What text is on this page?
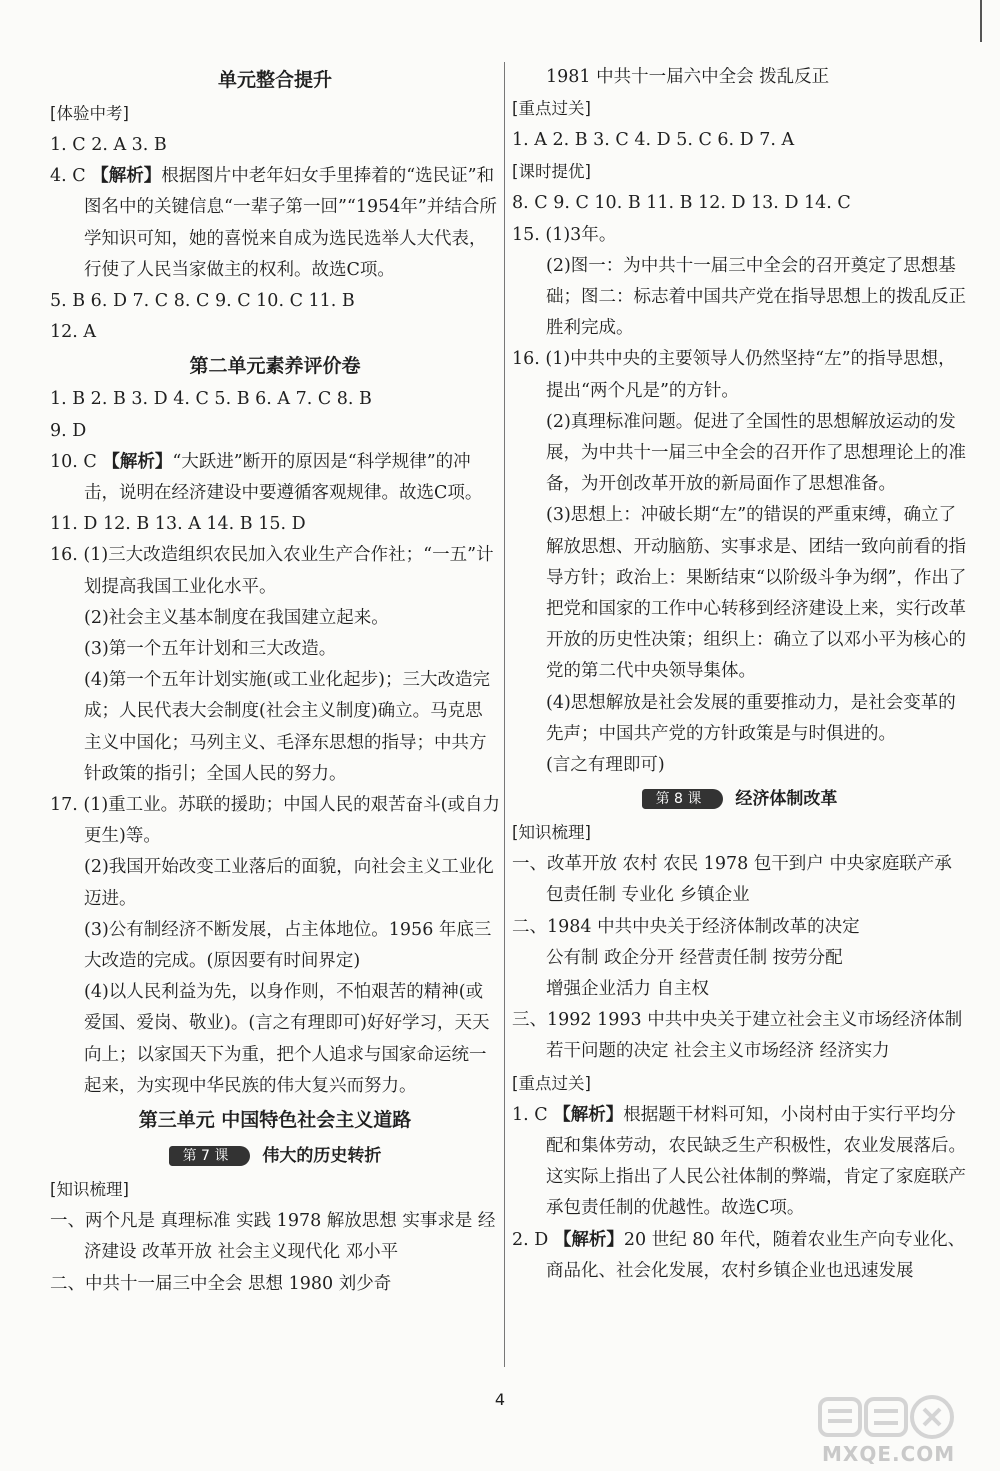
单元整合提升
[ 体验中考 ]
1. C 2. A 3. B
4. C 【解析】根据图片中老年妇女手里捧着的“选民证”和图名中的关键信息“一辈子第一回”“1954年”并结合所学知识可知，她的喜悦来自成为选民选举人大代表，行使了人民当家做主的权利。故选C项。
5. B 6. D 7. C 8. C 9. C 10. C 11. B
12. A
第二单元素养评价卷
1. B 2. B 3. D 4. C 5. B 6. A 7. C 8. B
9. D
10. C 【解析】“大跃进”断开的原因是“科学规律”的冲击，说明在经济建设中要遵循客观规律。故选C项。
11. D 12. B 13. A 14. B 15. D
16. (1)三大改造组织农民加入农业生产合作社；“一五”计划提高我国工业化水平。
(2)社会主义基本制度在我国建立起来。
(3)第一个五年计划和三大改造。
(4)第一个五年计划实施(或工业化起步)；三大改造完成；人民代表大会制度(社会主义制度)确立。马克思主义中国化；马列主义、毛泽东思想的指导；中共方针政策的指引；全国人民的努力。
17. (1)重工业。苏联的援助；中国人民的艰苦奋斗(或自力更生)等。
(2)我国开始改变工业落后的面貌，向社会主义工业化迈进。
(3)公有制经济不断发展，占主体地位。1956 年底三大改造的完成。(原因要有时间界定)
(4)以人民利益为先，以身作则，不怕艰苦的精神(或爱国、爱岗、敬业)。(言之有理即可)好好学习，天天向上；以家国天下为重，把个人追求与国家命运统一起来，为实现中华民族的伟大复兴而努力。
第三单元 中国特色社会主义道路
第 7 课	伟大的历史转折
[ 知识梳理 ]
一、两个凡是 真理标准 实践 1978 解放思想 实事求是 经济建设 改革开放 社会主义现代化 邓小平
二、中共十一届三中全会 思想 1980 刘少奇
1981 中共十一届六中全会 拨乱反正
[ 重点过关 ]
1. A 2. B 3. C 4. D 5. C 6. D 7. A
[ 课时提优 ]
8. C 9. C 10. B 11. B 12. D 13. D 14. C
15. (1)3年。
(2)图一：为中共十一届三中全会的召开奠定了思想基础；图二：标志着中国共产党在指导思想上的拨乱反正胜利完成。
16. (1)中共中央的主要领导人仍然坚持“左”的指导思想，提出“两个凡是”的方针。
(2)真理标准问题。促进了全国性的思想解放运动的发展，为中共十一届三中全会的召开作了思想理论上的准备，为开创改革开放的新局面作了思想准备。
(3)思想上：冲破长期“左”的错误的严重束缚，确立了解放思想、开动脑筋、实事求是、团结一致向前看的指导方针；政治上：果断结束“以阶级斗争为纲”，作出了把党和国家的工作中心转移到经济建设上来，实行改革开放的历史性决策；组织上：确立了以邓小平为核心的党的第二代中央领导集体。
(4)思想解放是社会发展的重要推动力，是社会变革的先声；中国共产党的方针政策是与时俱进的。
(言之有理即可)
第 8 课	经济体制改革
[ 知识梳理 ]
一、改革开放 农村 农民 1978 包干到户 中央家庭联产承包责任制 专业化 乡镇企业
二、1984 中共中央关于经济体制改革的决定
公有制 政企分开 经营责任制 按劳分配
增强企业活力 自主权
三、1992 1993 中共中央关于建立社会主义市场经济体制若干问题的决定 社会主义市场经济 经济实力
[ 重点过关 ]
1. C 【解析】根据题干材料可知，小岗村由于实行平均分配和集体劳动，农民缺乏生产积极性，农业发展落后。这实际上指出了人民公社体制的弊端，肯定了家庭联产承包责任制的优越性。故选C项。
2. D 【解析】20 世纪 80 年代，随着农业生产向专业化、商品化、社会化发展，农村乡镇企业也迅速发展
4
MXQE.COM
